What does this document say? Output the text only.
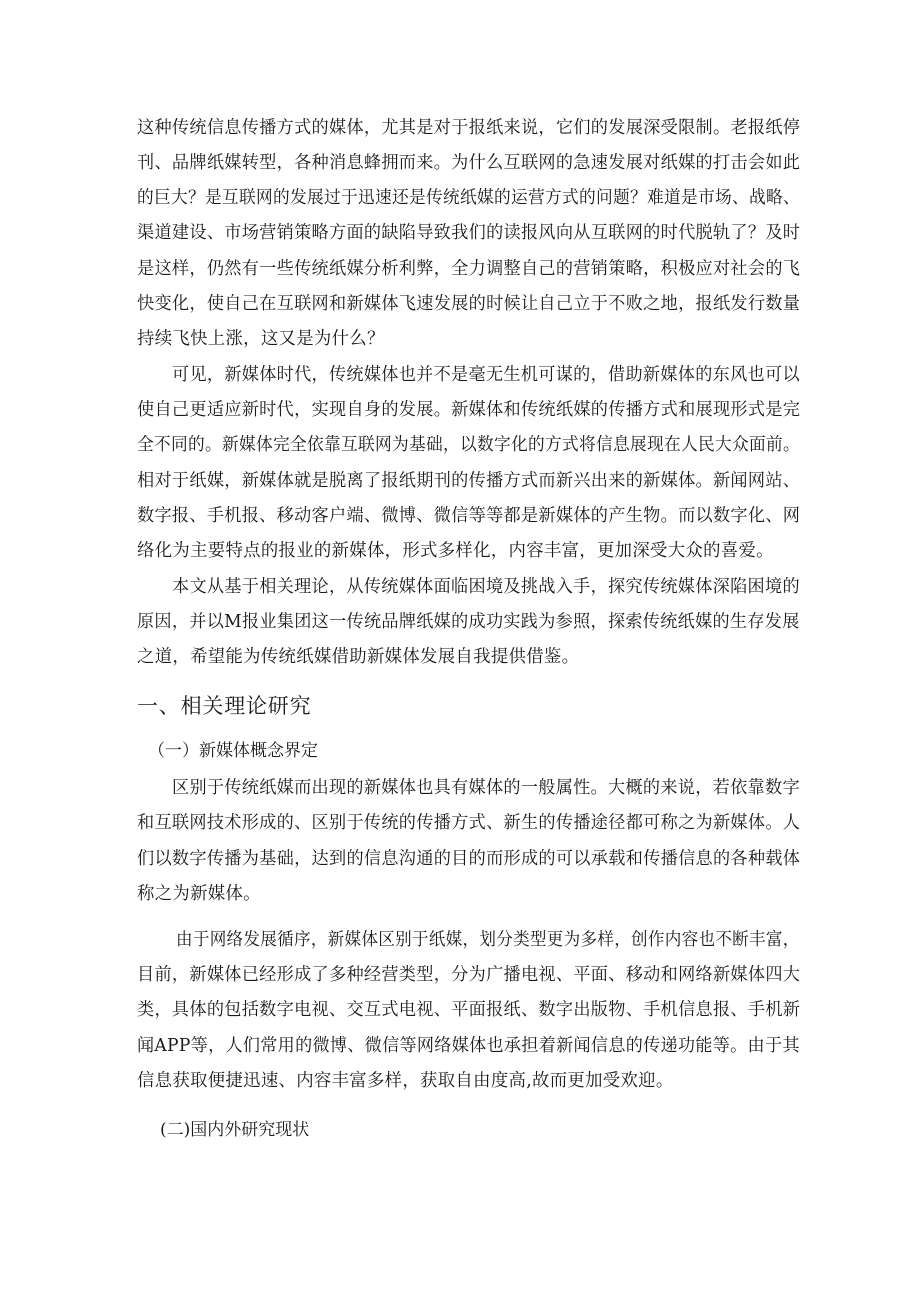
这种传统信息传播方式的媒体，尤其是对于报纸来说，它们的发展深受限制。老报纸停
刊、品牌纸媒转型，各种消息蜂拥而来。为什么互联网的急速发展对纸媒的打击会如此
的巨大？是互联网的发展过于迅速还是传统纸媒的运营方式的问题？难道是市场、战略、
渠道建设、市场营销策略方面的缺陷导致我们的读报风向从互联网的时代脱轨了？及时
是这样，仍然有一些传统纸媒分析利弊，全力调整自己的营销策略，积极应对社会的飞
快变化，使自己在互联网和新媒体飞速发展的时候让自己立于不败之地，报纸发行数量
持续飞快上涨，这又是为什么？
可见，新媒体时代，传统媒体也并不是毫无生机可谋的，借助新媒体的东风也可以
使自己更适应新时代，实现自身的发展。新媒体和传统纸媒的传播方式和展现形式是完
全不同的。新媒体完全依靠互联网为基础，以数字化的方式将信息展现在人民大众面前。
相对于纸媒，新媒体就是脱离了报纸期刊的传播方式而新兴出来的新媒体。新闻网站、
数字报、手机报、移动客户端、微博、微信等等都是新媒体的产生物。而以数字化、网
络化为主要特点的报业的新媒体，形式多样化，内容丰富，更加深受大众的喜爱。
本文从基于相关理论，从传统媒体面临困境及挑战入手，探究传统媒体深陷困境的
原因，并以M报业集团这一传统品牌纸媒的成功实践为参照，探索传统纸媒的生存发展
之道，希望能为传统纸媒借助新媒体发展自我提供借鉴。
一、相关理论研究
（一）新媒体概念界定
区别于传统纸媒而出现的新媒体也具有媒体的一般属性。大概的来说，若依靠数字
和互联网技术形成的、区别于传统的传播方式、新生的传播途径都可称之为新媒体。人
们以数字传播为基础，达到的信息沟通的目的而形成的可以承载和传播信息的各种载体
称之为新媒体。
由于网络发展循序，新媒体区别于纸媒，划分类型更为多样，创作内容也不断丰富，
目前，新媒体已经形成了多种经营类型，分为广播电视、平面、移动和网络新媒体四大
类，具体的包括数字电视、交互式电视、平面报纸、数字出版物、手机信息报、手机新
闻APP等，人们常用的微博、微信等网络媒体也承担着新闻信息的传递功能等。由于其
信息获取便捷迅速、内容丰富多样，获取自由度高,故而更加受欢迎。
(二)国内外研究现状
